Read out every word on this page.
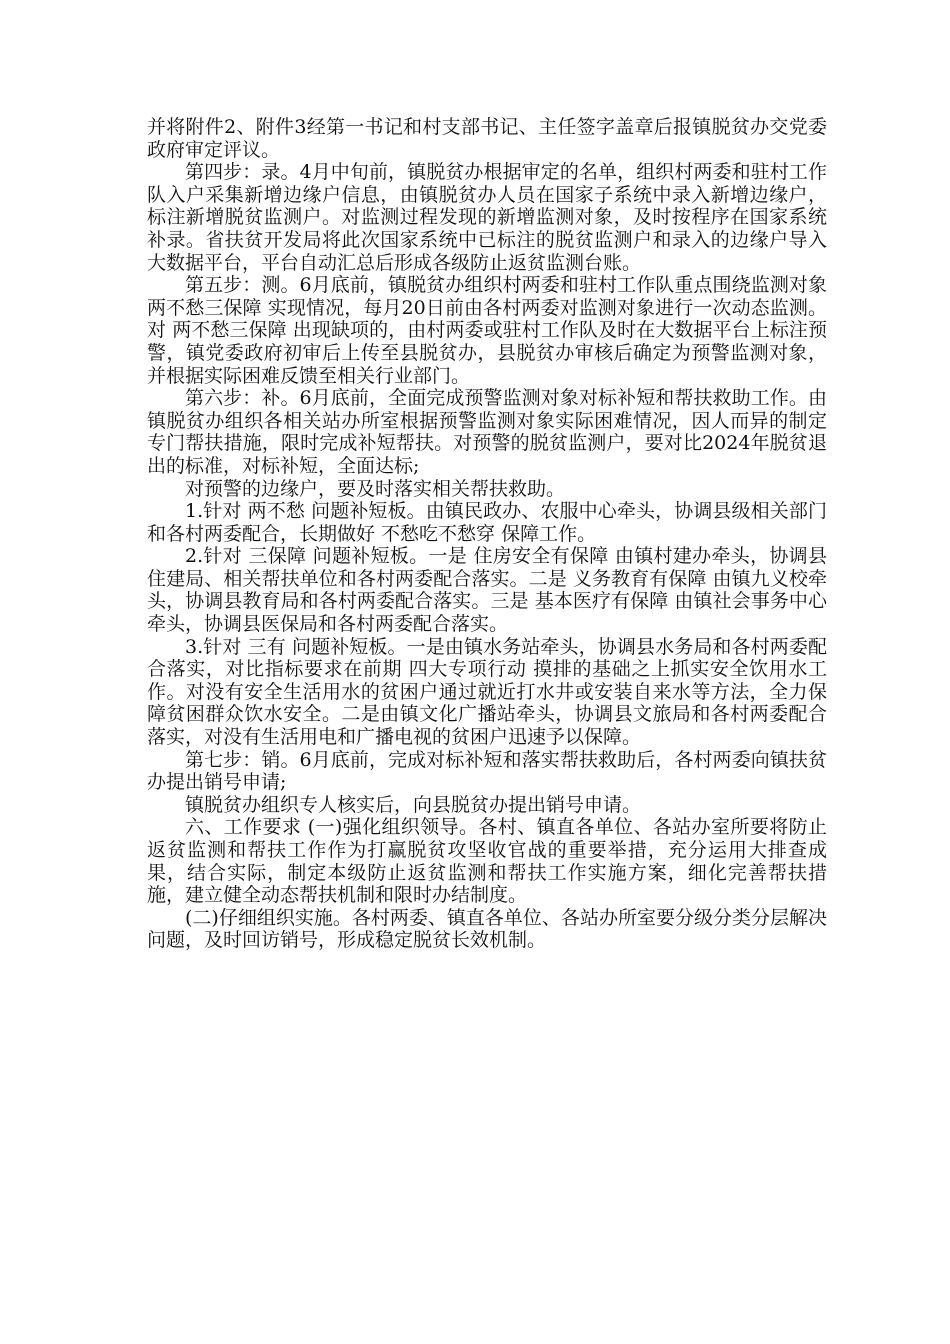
并将附件2、附件3经第一书记和村支部书记、主任签字盖章后报镇脱贫办交党委政府审定评议。

第四步：录。4月中旬前，镇脱贫办根据审定的名单，组织村两委和驻村工作队入户采集新增边缘户信息，由镇脱贫办人员在国家子系统中录入新增边缘户，标注新增脱贫监测户。对监测过程发现的新增监测对象，及时按程序在国家系统补录。省扶贫开发局将此次国家系统中已标注的脱贫监测户和录入的边缘户导入大数据平台，平台自动汇总后形成各级防止返贫监测台账。

第五步：测。6月底前，镇脱贫办组织村两委和驻村工作队重点围绕监测对象 两不愁三保障 实现情况，每月20日前由各村两委对监测对象进行一次动态监测。对 两不愁三保障 出现缺项的，由村两委或驻村工作队及时在大数据平台上标注预警，镇党委政府初审后上传至县脱贫办，县脱贫办审核后确定为预警监测对象，并根据实际困难反馈至相关行业部门。

第六步：补。6月底前，全面完成预警监测对象对标补短和帮扶救助工作。由镇脱贫办组织各相关站办所室根据预警监测对象实际困难情况，因人而异的制定专门帮扶措施，限时完成补短帮扶。对预警的脱贫监测户，要对比2024年脱贫退出的标准，对标补短，全面达标;

对预警的边缘户，要及时落实相关帮扶救助。

1.针对 两不愁 问题补短板。由镇民政办、农服中心牵头，协调县级相关部门和各村两委配合，长期做好 不愁吃不愁穿 保障工作。

2.针对 三保障 问题补短板。一是 住房安全有保障 由镇村建办牵头，协调县住建局、相关帮扶单位和各村两委配合落实。二是 义务教育有保障 由镇九义校牵头，协调县教育局和各村两委配合落实。三是 基本医疗有保障 由镇社会事务中心牵头，协调县医保局和各村两委配合落实。

3.针对 三有 问题补短板。一是由镇水务站牵头，协调县水务局和各村两委配合落实，对比指标要求在前期 四大专项行动 摸排的基础之上抓实安全饮用水工作。对没有安全生活用水的贫困户通过就近打水井或安装自来水等方法，全力保障贫困群众饮水安全。二是由镇文化广播站牵头，协调县文旅局和各村两委配合落实，对没有生活用电和广播电视的贫困户迅速予以保障。

第七步：销。6月底前，完成对标补短和落实帮扶救助后，各村两委向镇扶贫办提出销号申请;

镇脱贫办组织专人核实后，向县脱贫办提出销号申请。

六、工作要求 (一)强化组织领导。各村、镇直各单位、各站办室所要将防止返贫监测和帮扶工作作为打赢脱贫攻坚收官战的重要举措，充分运用大排查成果，结合实际，制定本级防止返贫监测和帮扶工作实施方案，细化完善帮扶措施，建立健全动态帮扶机制和限时办结制度。

(二)仔细组织实施。各村两委、镇直各单位、各站办所室要分级分类分层解决问题，及时回访销号，形成稳定脱贫长效机制。
